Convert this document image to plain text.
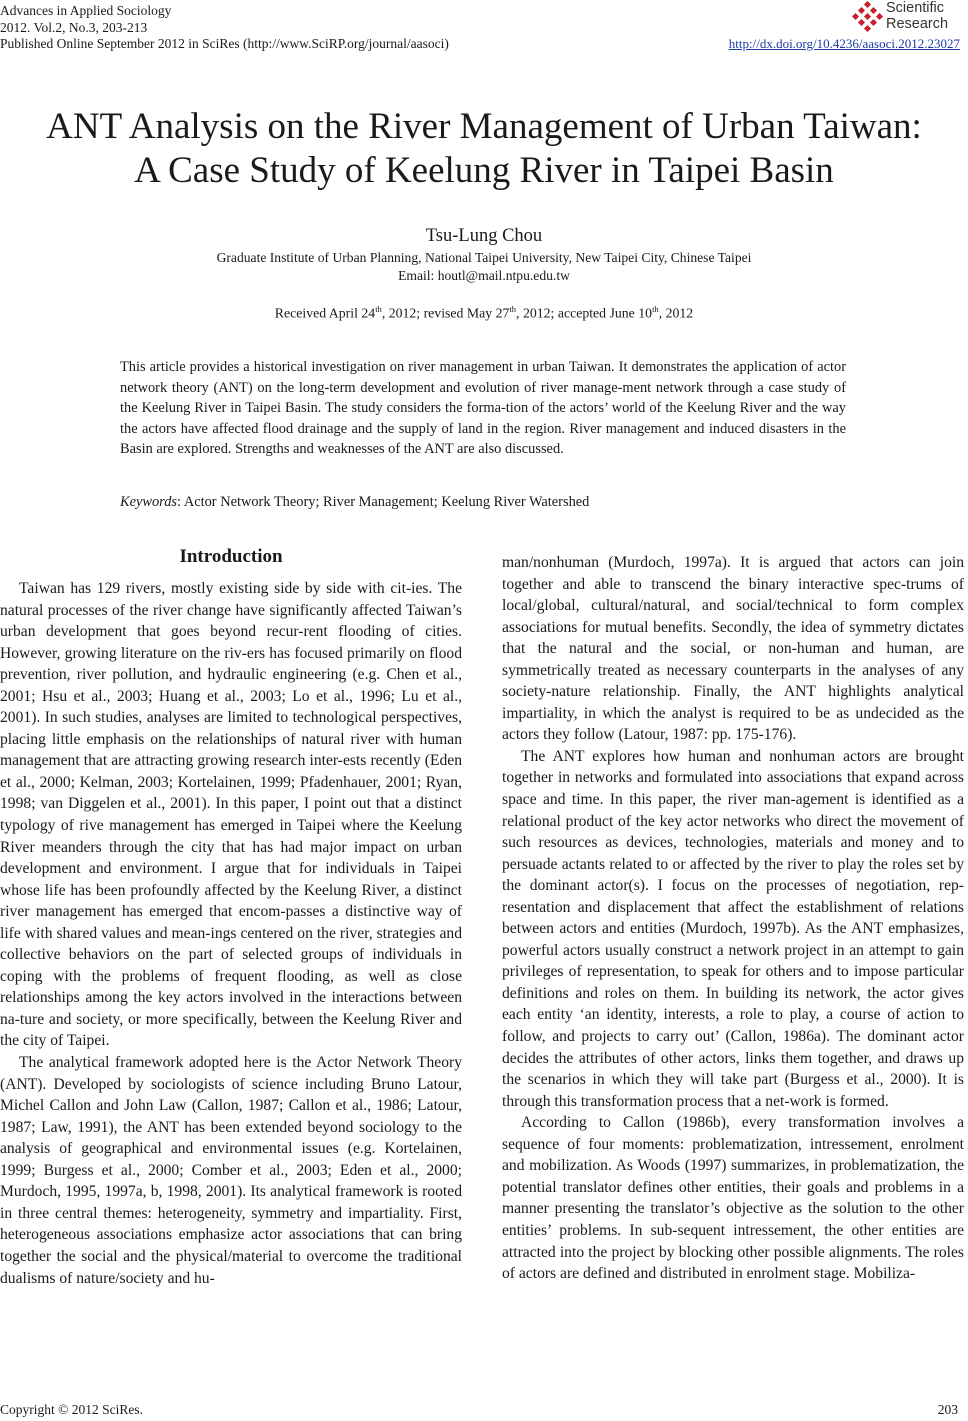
Advances in Applied Sociology
2012. Vol.2, No.3, 203-213
Published Online September 2012 in SciRes (http://www.SciRP.org/journal/aasoci)	http://dx.doi.org/10.4236/aasoci.2012.23027
Scientific
Research
ANT Analysis on the River Management of Urban Taiwan:
A Case Study of Keelung River in Taipei Basin
Tsu-Lung Chou
Graduate Institute of Urban Planning, National Taipei University, New Taipei City, Chinese Taipei
Email: houtl@mail.ntpu.edu.tw
Received April 24th, 2012; revised May 27th, 2012; accepted June 10th, 2012

This article provides a historical investigation on river management in urban Taiwan. It demonstrates the application of actor network theory (ANT) on the long-term development and evolution of river manage-ment network through a case study of the Keelung River in Taipei Basin. The study considers the forma-tion of the actors’ world of the Keelung River and the way the actors have affected flood drainage and the supply of land in the region. River management and induced disasters in the Basin are explored. Strengths and weaknesses of the ANT are also discussed.

Keywords: Actor Network Theory; River Management; Keelung River Watershed
Introduction

Taiwan has 129 rivers, mostly existing side by side with cit-ies. The natural processes of the river change have significantly affected Taiwan’s urban development that goes beyond recur-rent flooding of cities. However, growing literature on the riv-ers has focused primarily on flood prevention, river pollution, and hydraulic engineering (e.g. Chen et al., 2001; Hsu et al., 2003; Huang et al., 2003; Lo et al., 1996; Lu et al., 2001). In such studies, analyses are limited to technological perspectives, placing little emphasis on the relationships of natural river with human management that are attracting growing research inter-ests recently (Eden et al., 2000; Kelman, 2003; Kortelainen, 1999; Pfadenhauer, 2001; Ryan, 1998; van Diggelen et al., 2001). In this paper, I point out that a distinct typology of rive management has emerged in Taipei where the Keelung River meanders through the city that has had major impact on urban development and environment. I argue that for individuals in Taipei whose life has been profoundly affected by the Keelung River, a distinct river management has emerged that encom-passes a distinctive way of life with shared values and mean-ings centered on the river, strategies and collective behaviors on the part of selected groups of individuals in coping with the problems of frequent flooding, as well as close relationships among the key actors involved in the interactions between na-ture and society, or more specifically, between the Keelung River and the city of Taipei.

The analytical framework adopted here is the Actor Network Theory (ANT). Developed by sociologists of science including Bruno Latour, Michel Callon and John Law (Callon, 1987; Callon et al., 1986; Latour, 1987; Law, 1991), the ANT has been extended beyond sociology to the analysis of geographical and environmental issues (e.g. Kortelainen, 1999; Burgess et al., 2000; Comber et al., 2003; Eden et al., 2000; Murdoch, 1995, 1997a, b, 1998, 2001). Its analytical framework is rooted in three central themes: heterogeneity, symmetry and impartiality. First, heterogeneous associations emphasize actor associations that can bring together the social and the physical/material to overcome the traditional dualisms of nature/society and hu-

man/nonhuman (Murdoch, 1997a). It is argued that actors can join together and able to transcend the binary interactive spec-trums of local/global, cultural/natural, and social/technical to form complex associations for mutual benefits. Secondly, the idea of symmetry dictates that the natural and the social, or non-human and human, are symmetrically treated as necessary counterparts in the analyses of any society-nature relationship. Finally, the ANT highlights analytical impartiality, in which the analyst is required to be as undecided as the actors they follow (Latour, 1987: pp. 175-176).

The ANT explores how human and nonhuman actors are brought together in networks and formulated into associations that expand across space and time. In this paper, the river man-agement is identified as a relational product of the key actor networks who direct the movement of such resources as devices, technologies, materials and money and to persuade actants related to or affected by the river to play the roles set by the dominant actor(s). I focus on the processes of negotiation, rep-resentation and displacement that affect the establishment of relations between actors and entities (Murdoch, 1997b). As the ANT emphasizes, powerful actors usually construct a network project in an attempt to gain privileges of representation, to speak for others and to impose particular definitions and roles on them. In building its network, the actor gives each entity ‘an identity, interests, a role to play, a course of action to follow, and projects to carry out’ (Callon, 1986a). The dominant actor decides the attributes of other actors, links them together, and draws up the scenarios in which they will take part (Burgess et al., 2000). It is through this transformation process that a net-work is formed.

According to Callon (1986b), every transformation involves a sequence of four moments: problematization, intressement, enrolment and mobilization. As Woods (1997) summarizes, in problematization, the potential translator defines other entities, their goals and problems in a manner presenting the translator’s objective as the solution to the other entities’ problems. In sub-sequent intressement, the other entities are attracted into the project by blocking other possible alignments. The roles of actors are defined and distributed in enrolment stage. Mobiliza-

Copyright © 2012 SciRes.	203
